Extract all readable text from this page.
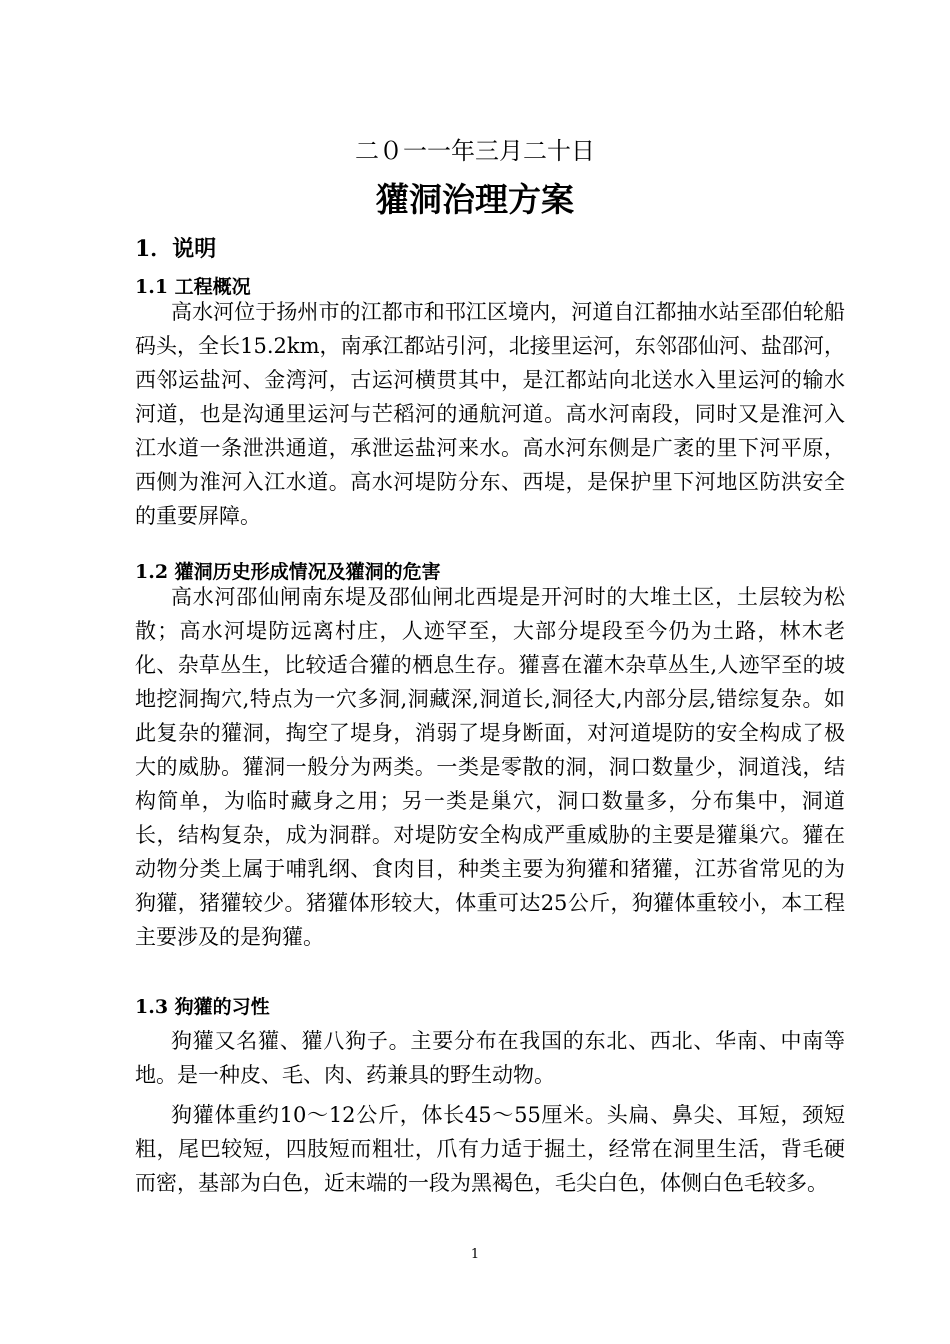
二０一一年三月二十日
獾洞治理方案
1．说明
1.1 工程概况

高水河位于扬州市的江都市和邗江区境内，河道自江都抽水站至邵伯轮船码头，全长15.2km，南承江都站引河，北接里运河，东邻邵仙河、盐邵河，西邻运盐河、金湾河，古运河横贯其中，是江都站向北送水入里运河的输水河道，也是沟通里运河与芒稻河的通航河道。高水河南段，同时又是淮河入江水道一条泄洪通道，承泄运盐河来水。高水河东侧是广袤的里下河平原，西侧为淮河入江水道。高水河堤防分东、西堤，是保护里下河地区防洪安全的重要屏障。

1.2 獾洞历史形成情况及獾洞的危害

高水河邵仙闸南东堤及邵仙闸北西堤是开河时的大堆土区，土层较为松散；高水河堤防远离村庄，人迹罕至，大部分堤段至今仍为土路，林木老化、杂草丛生，比较适合獾的栖息生存。獾喜在灌木杂草丛生,人迹罕至的坡地挖洞掏穴,特点为一穴多洞,洞藏深,洞道长,洞径大,内部分层,错综复杂。如此复杂的獾洞，掏空了堤身，消弱了堤身断面，对河道堤防的安全构成了极大的威胁。獾洞一般分为两类。一类是零散的洞，洞口数量少，洞道浅，结构简单，为临时藏身之用；另一类是巢穴，洞口数量多，分布集中，洞道长，结构复杂，成为洞群。对堤防安全构成严重威胁的主要是獾巢穴。獾在动物分类上属于哺乳纲、食肉目，种类主要为狗獾和猪獾，江苏省常见的为狗獾，猪獾较少。猪獾体形较大，体重可达25公斤，狗獾体重较小，本工程主要涉及的是狗獾。

1.3 狗獾的习性

狗獾又名獾、獾八狗子。主要分布在我国的东北、西北、华南、中南等地。是一种皮、毛、肉、药兼具的野生动物。

狗獾体重约10～12公斤，体长45～55厘米。头扁、鼻尖、耳短，颈短粗，尾巴较短，四肢短而粗壮，爪有力适于掘土，经常在洞里生活，背毛硬而密，基部为白色，近末端的一段为黑褐色，毛尖白色，体侧白色毛较多。

1
